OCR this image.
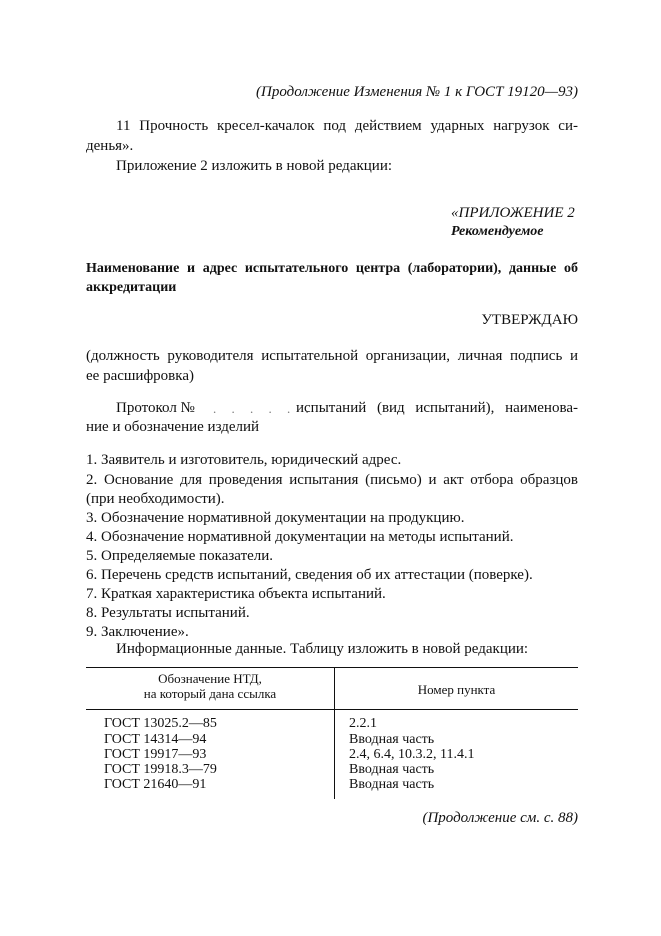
(Продолжение Изменения № 1 к ГОСТ 19120—93)
11 Прочность кресел-качалок под действием ударных нагрузок си-
денья».
Приложение 2 изложить в новой редакции:
«ПРИЛОЖЕНИЕ 2
Рекомендуемое
Наименование и адрес испытательного центра (лаборатории), данные об
аккредитации
УТВЕРЖДАЮ
(должность руководителя испытательной организации, личная подпись и
ее расшифровка)
Протокол № . . . . . .
испытаний (вид испытаний), наименова-
ние и обозначение изделий
1. Заявитель и изготовитель, юридический адрес.
2. Основание для проведения испытания (письмо) и акт отбора образцов
(при необходимости).
3. Обозначение нормативной документации на продукцию.
4. Обозначение нормативной документации на методы испытаний.
5. Определяемые показатели.
6. Перечень средств испытаний, сведения об их аттестации (поверке).
7. Краткая характеристика объекта испытаний.
8. Результаты испытаний.
9. Заключение».
Информационные данные. Таблицу изложить в новой редакции:
Обозначение НТД,
на который дана ссылка	Номер пункта
ГОСТ 13025.2—85	2.2.1
ГОСТ 14314—94	Вводная часть
ГОСТ 19917—93	2.4, 6.4, 10.3.2, 11.4.1
ГОСТ 19918.3—79	Вводная часть
ГОСТ 21640—91	Вводная часть
(Продолжение см. с. 88)
